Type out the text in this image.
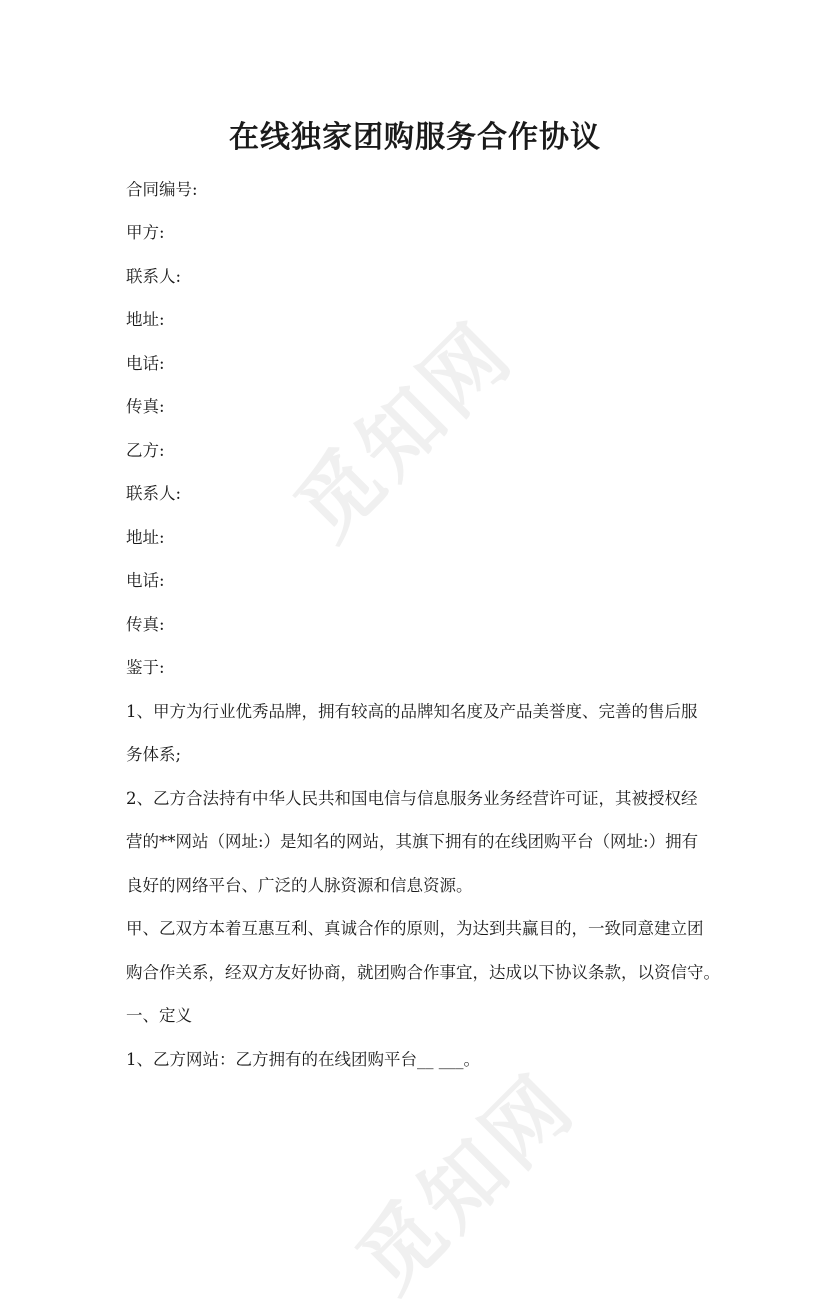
觅知网
觅知网
在线独家团购服务合作协议
合同编号:
甲方:
联系人:
地址:
电话:
传真:
乙方:
联系人:
地址:
电话:
传真:
鉴于:
1、甲方为行业优秀品牌，拥有较高的品牌知名度及产品美誉度、完善的售后服
务体系;
2、乙方合法持有中华人民共和国电信与信息服务业务经营许可证，其被授权经
营的**网站（网址:）是知名的网站，其旗下拥有的在线团购平台（网址:）拥有
良好的网络平台、广泛的人脉资源和信息资源。
甲、乙双方本着互惠互利、真诚合作的原则，为达到共赢目的，一致同意建立团
购合作关系，经双方友好协商，就团购合作事宜，达成以下协议条款，以资信守。
一、定义
1、乙方网站：乙方拥有的在线团购平台__ ___。
